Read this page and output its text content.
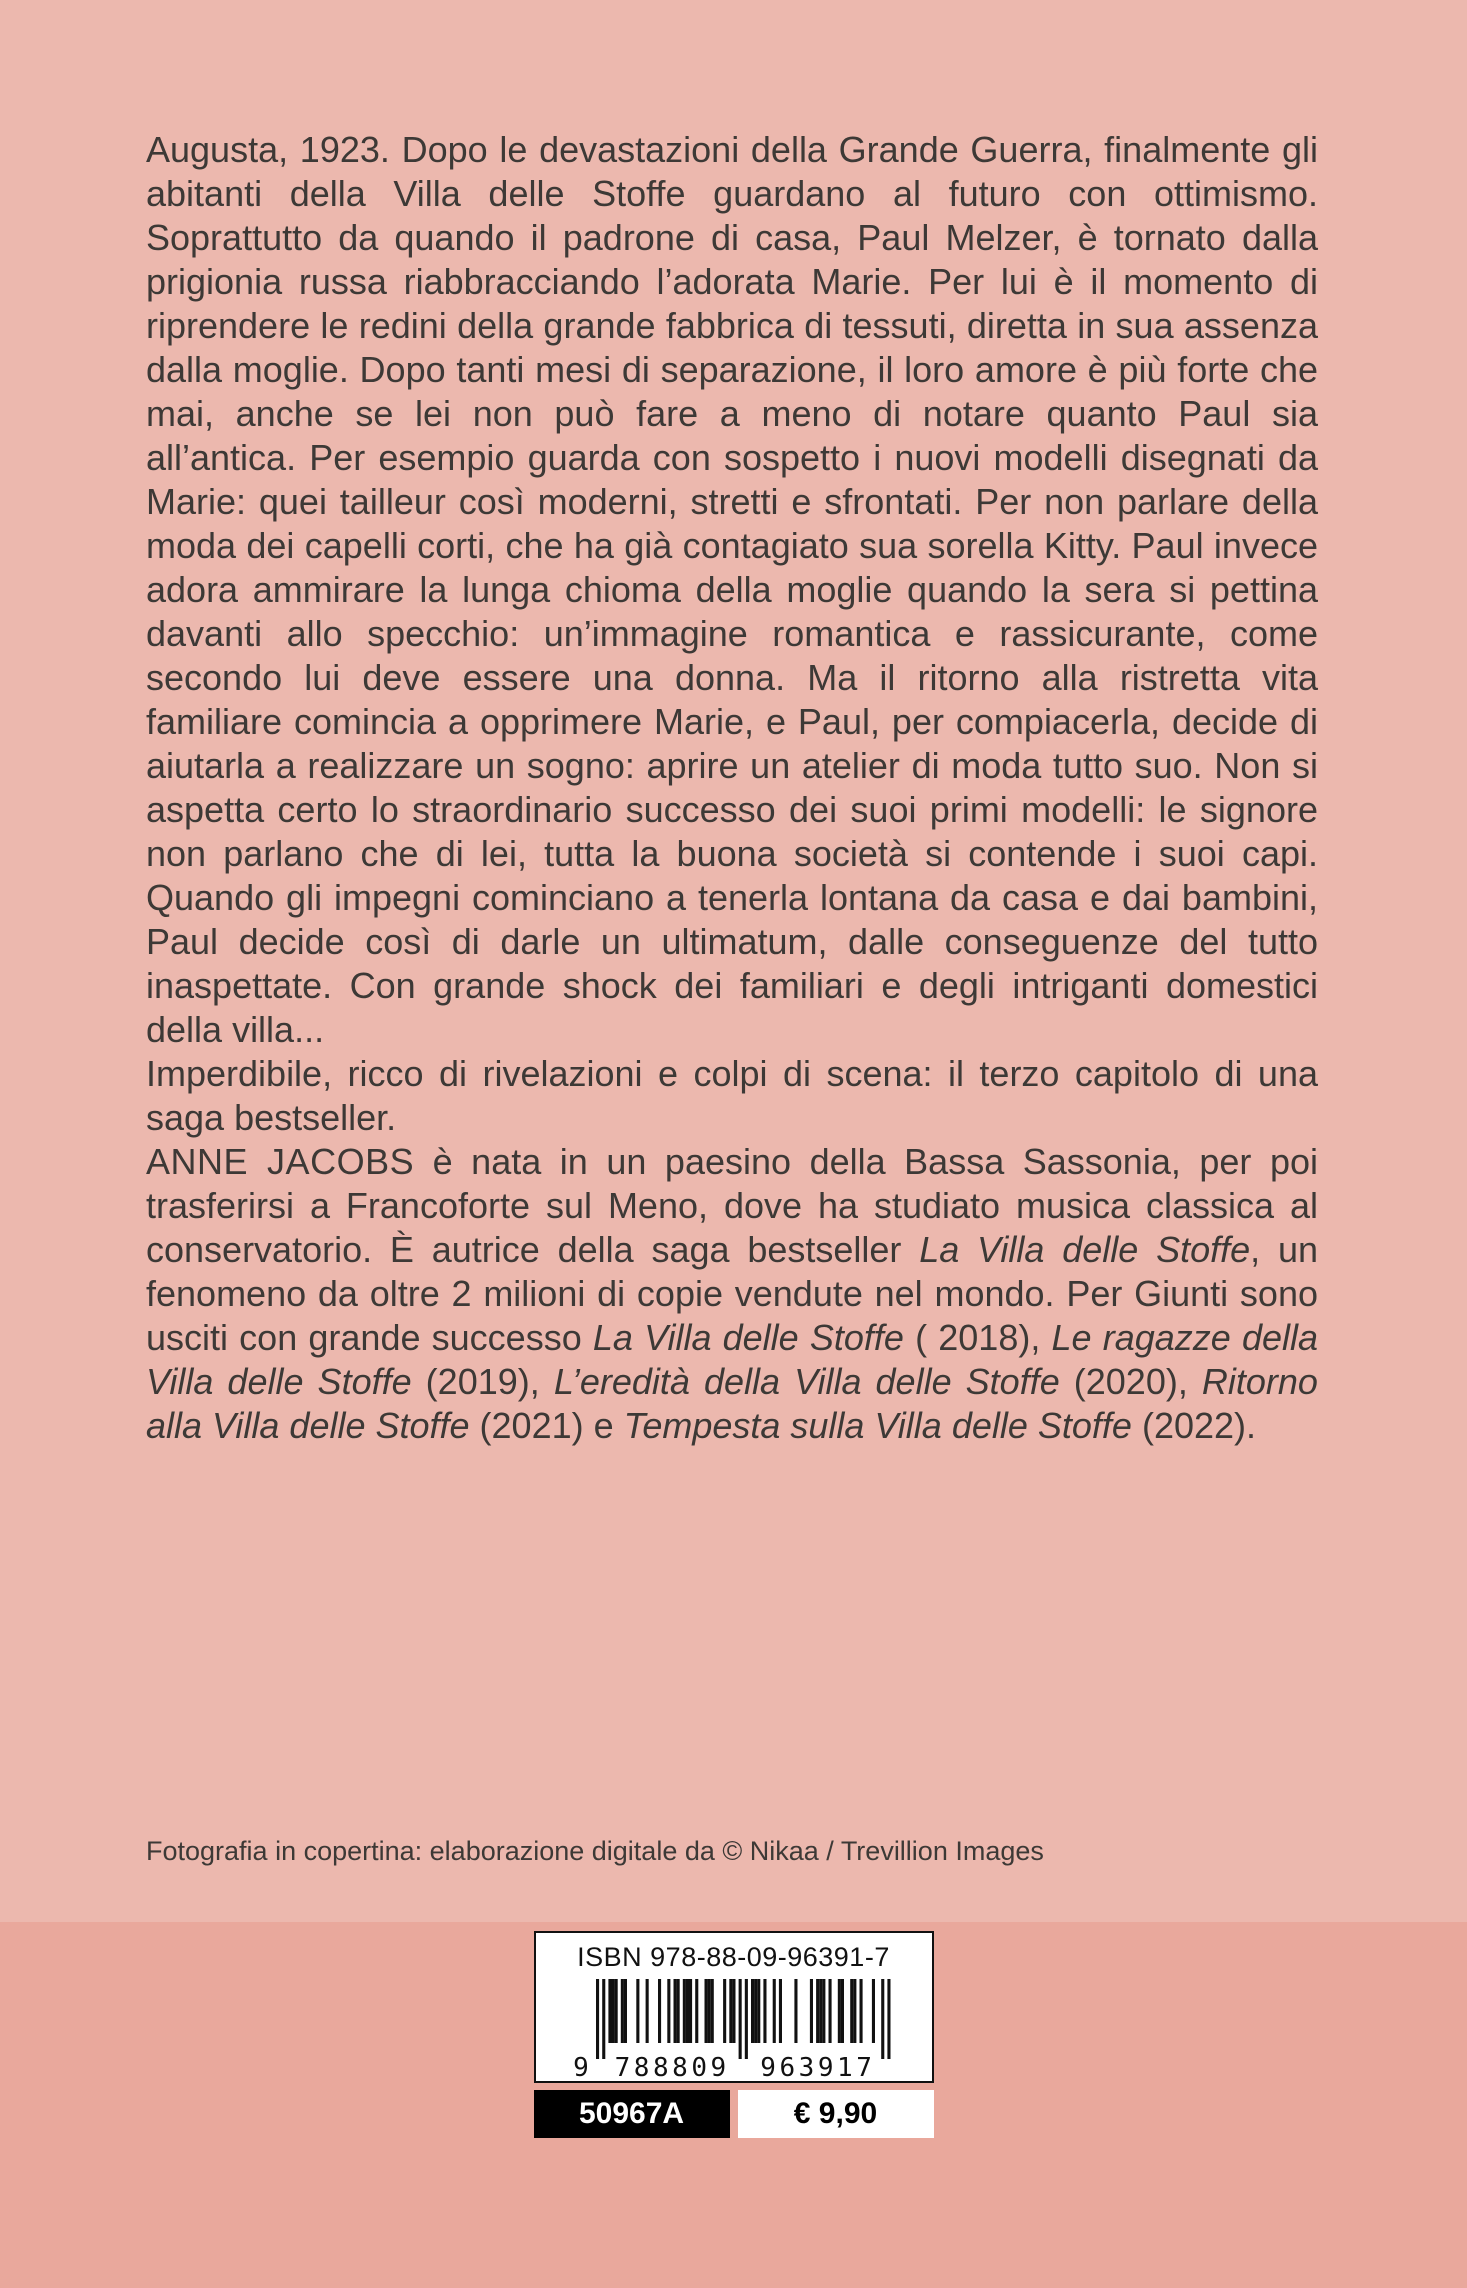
Augusta, 1923. Dopo le devastazioni della Grande Guerra, finalmente gli abitanti della Villa delle Stoffe guardano al futuro con ottimismo. Soprattutto da quando il padrone di casa, Paul Melzer, è tornato dalla prigionia russa riabbracciando l’adorata Marie. Per lui è il momento di riprendere le redini della grande fabbrica di tessuti, diretta in sua assenza dalla moglie. Dopo tanti mesi di separazione, il loro amore è più forte che mai, anche se lei non può fare a meno di notare quanto Paul sia all’antica. Per esempio guarda con sospetto i nuovi modelli disegnati da Marie: quei tailleur così moderni, stretti e sfrontati. Per non parlare della moda dei capelli corti, che ha già contagiato sua sorella Kitty. Paul invece adora ammirare la lunga chioma della moglie quando la sera si pettina davanti allo specchio: un’immagine romantica e rassicurante, come secondo lui deve essere una donna. Ma il ritorno alla ristretta vita familiare comincia a opprimere Marie, e Paul, per compiacerla, decide di aiutarla a realizzare un sogno: aprire un atelier di moda tutto suo. Non si aspetta certo lo straordinario successo dei suoi primi modelli: le signore non parlano che di lei, tutta la buona società si contende i suoi capi. Quando gli impegni cominciano a tenerla lontana da casa e dai bambini, Paul decide così di darle un ultimatum, dalle conseguenze del tutto inaspettate. Con grande shock dei familiari e degli intriganti domestici della villa...

Imperdibile, ricco di rivelazioni e colpi di scena: il terzo capitolo di una saga bestseller.

ANNE JACOBS è nata in un paesino della Bassa Sassonia, per poi trasferirsi a Francoforte sul Meno, dove ha studiato musica classica al conservatorio. È autrice della saga bestseller La Villa delle Stoffe, un fenomeno da oltre 2 milioni di copie vendute nel mondo. Per Giunti sono usciti con grande successo La Villa delle Stoffe ( 2018), Le ragazze della Villa delle Stoffe (2019), L’eredità della Villa delle Stoffe (2020), Ritorno alla Villa delle Stoffe (2021) e Tempesta sulla Villa delle Stoffe (2022).

Fotografia in copertina: elaborazione digitale da © Nikaa / Trevillion Images
ISBN 978-88-09-96391-7
9 788809 963917
50967A	€ 9,90
